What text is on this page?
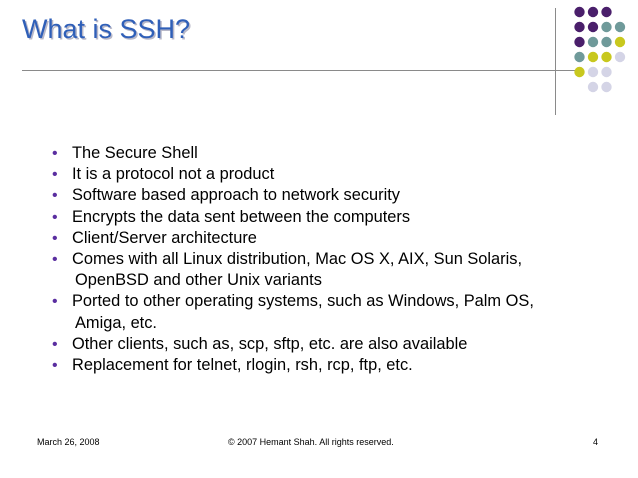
What is SSH?
• The Secure Shell
• It is a protocol not a product
• Software based approach to network security
• Encrypts the data sent between the computers
• Client/Server architecture
• Comes with all Linux distribution, Mac OS X, AIX, Sun Solaris,
OpenBSD and other Unix variants
• Ported to other operating systems, such as Windows, Palm OS,
Amiga, etc.
• Other clients, such as, scp, sftp, etc. are also available
• Replacement for telnet, rlogin, rsh, rcp, ftp, etc.
March 26, 2008	© 2007 Hemant Shah. All rights reserved.	4
